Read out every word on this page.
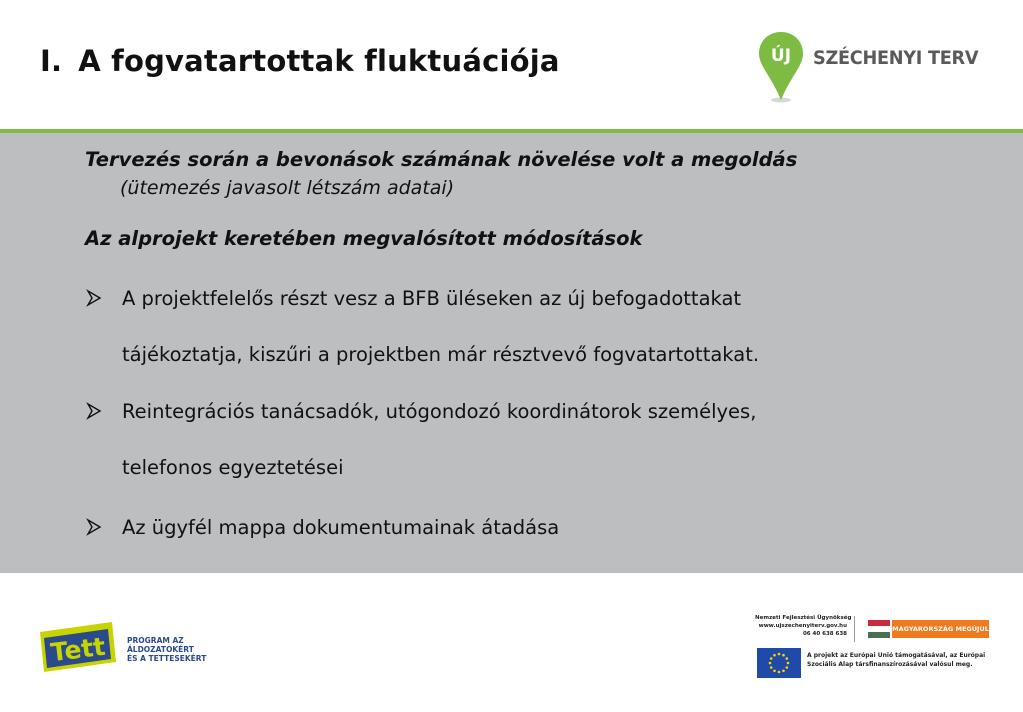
I. A fogvatartottak fluktuációja	ÚJ SZÉCHENYI TERV
Tervezés során a bevonások számának növelése volt a megoldás
(ütemezés javasolt létszám adatai)
Az alprojekt keretében megvalósított módosítások
A projektfelelős részt vesz a BFB üléseken az új befogadottakat
tájékoztatja, kiszűri a projektben már résztvevő fogvatartottakat.
Reintegrációs tanácsadók, utógondozó koordinátorok személyes,
telefonos egyeztetései
Az ügyfél mappa dokumentumainak átadása
Tett	PROGRAM AZ
ÁLDOZATOKÉRT
ÉS A TETTESEKÉRT
Nemzeti Fejlesztési Ügynökség
www.ujszechenyiterv.gov.hu
06 40 638 638
MAGYARORSZÁG MEGÚJUL
A projekt az Európai Unió támogatásával, az Európai
Szociális Alap társfinanszírozásával valósul meg.
